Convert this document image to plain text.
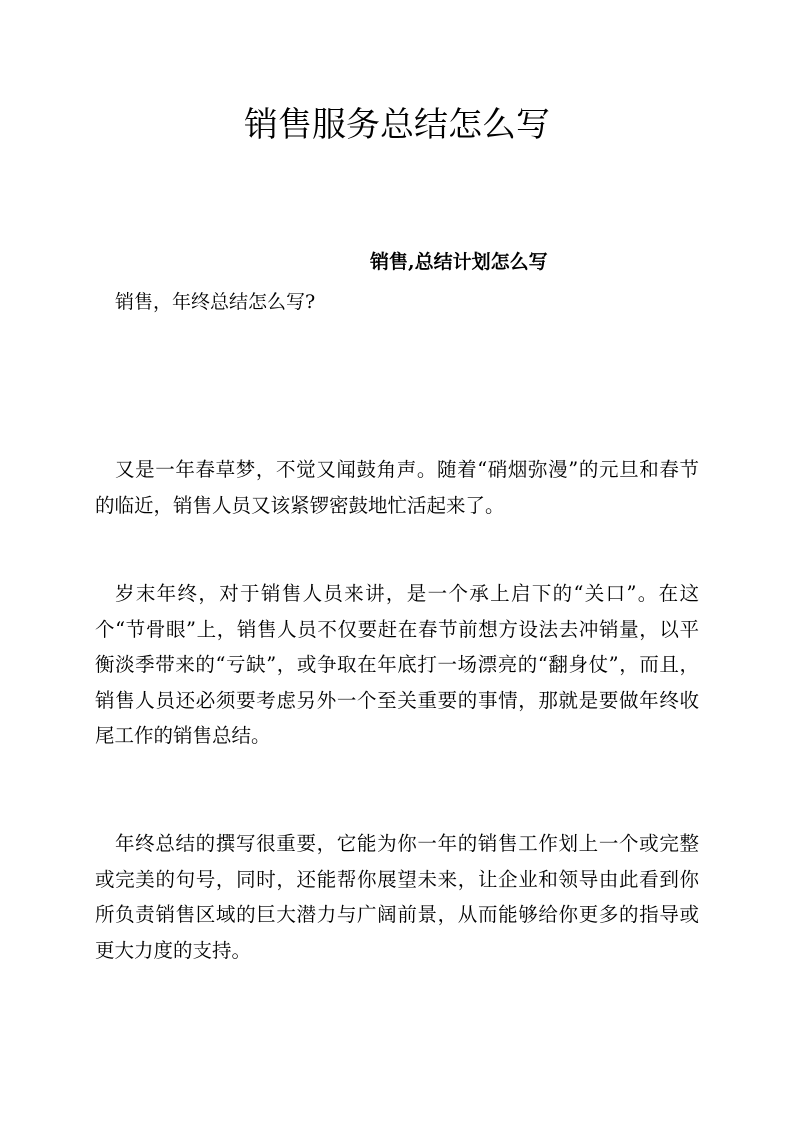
销售服务总结怎么写

销售,总结计划怎么写

销售，年终总结怎么写?

又是一年春草梦，不觉又闻鼓角声。随着“硝烟弥漫”的元旦和春节的临近，销售人员又该紧锣密鼓地忙活起来了。

岁末年终，对于销售人员来讲，是一个承上启下的“关口”。在这个“节骨眼”上，销售人员不仅要赶在春节前想方设法去冲销量，以平衡淡季带来的“亏缺”，或争取在年底打一场漂亮的“翻身仗”，而且，销售人员还必须要考虑另外一个至关重要的事情，那就是要做年终收尾工作的销售总结。

年终总结的撰写很重要，它能为你一年的销售工作划上一个或完整或完美的句号，同时，还能帮你展望未来，让企业和领导由此看到你所负责销售区域的巨大潜力与广阔前景，从而能够给你更多的指导或更大力度的支持。
